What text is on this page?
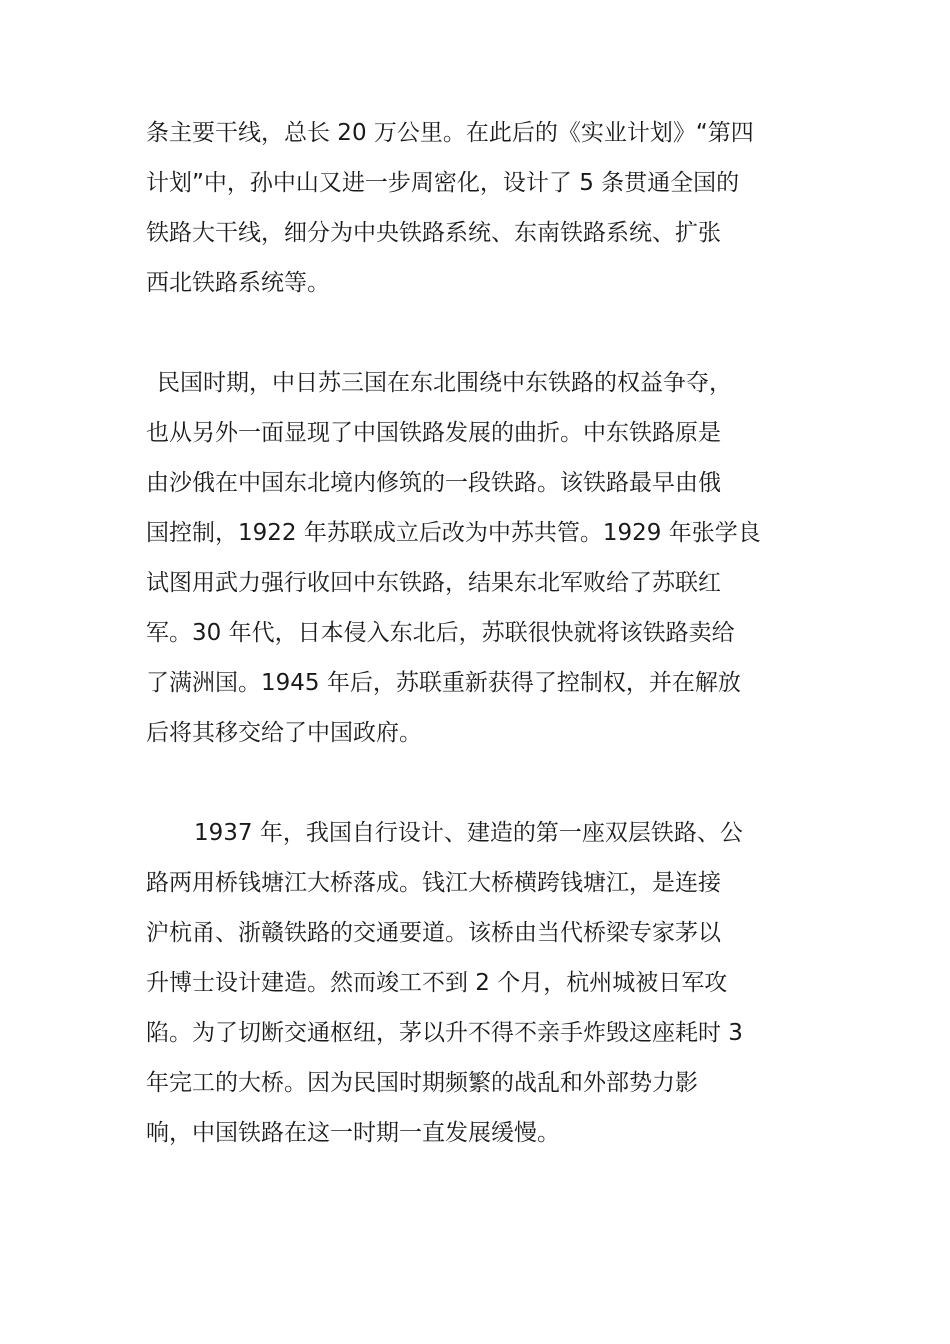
条主要干线，总长 20 万公里。在此后的《实业计划》“第四
计划”中，孙中山又进一步周密化，设计了 5 条贯通全国的
铁路大干线，细分为中央铁路系统、东南铁路系统、扩张
西北铁路系统等。

民国时期，中日苏三国在东北围绕中东铁路的权益争夺，
也从另外一面显现了中国铁路发展的曲折。中东铁路原是
由沙俄在中国东北境内修筑的一段铁路。该铁路最早由俄
国控制，1922 年苏联成立后改为中苏共管。1929 年张学良
试图用武力强行收回中东铁路，结果东北军败给了苏联红
军。30 年代，日本侵入东北后，苏联很快就将该铁路卖给
了满洲国。1945 年后，苏联重新获得了控制权，并在解放
后将其移交给了中国政府。

1937 年，我国自行设计、建造的第一座双层铁路、公
路两用桥钱塘江大桥落成。钱江大桥横跨钱塘江，是连接
沪杭甬、浙赣铁路的交通要道。该桥由当代桥梁专家茅以
升博士设计建造。然而竣工不到 2 个月，杭州城被日军攻
陷。为了切断交通枢纽，茅以升不得不亲手炸毁这座耗时 3
年完工的大桥。因为民国时期频繁的战乱和外部势力影
响，中国铁路在这一时期一直发展缓慢。
